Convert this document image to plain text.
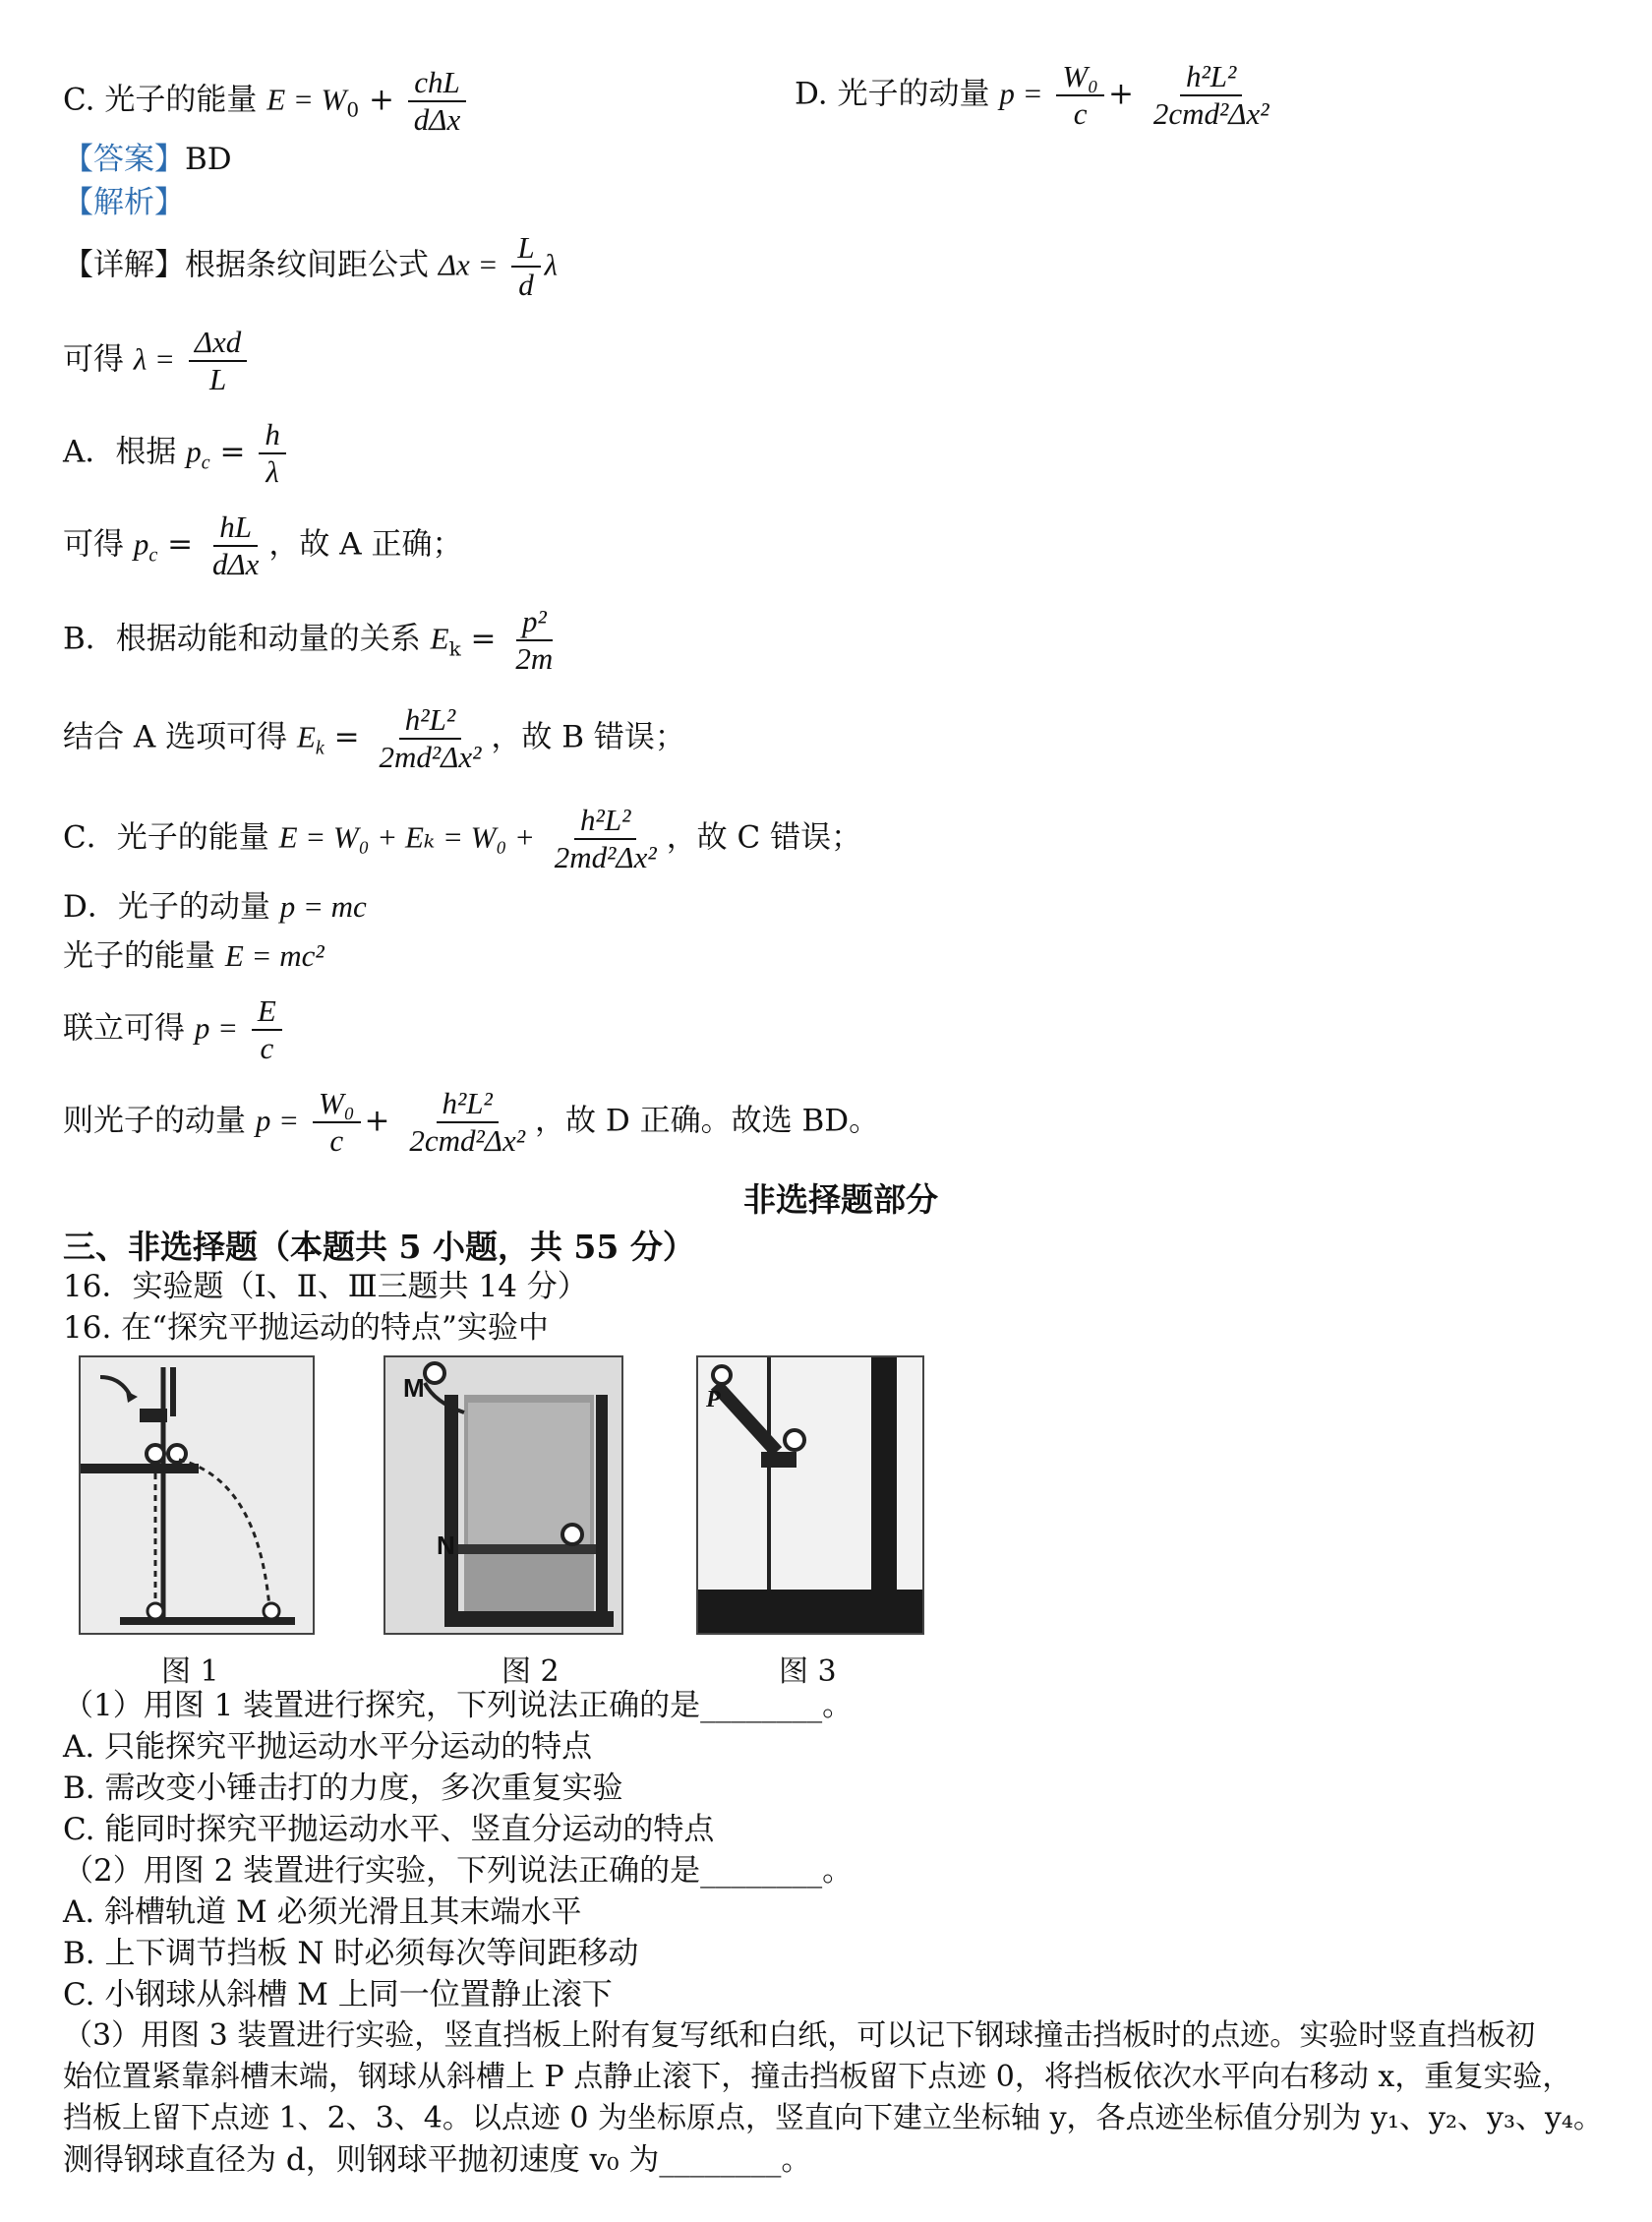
C. 光子的能量 $E = W_0 + \frac{\text{chL}}{\text{dΔx}}$	D. 光子的动量 $p = \frac{\text{W₀}}{c} + \frac{\text{h²L²}}{\text{2cmd²Δx²}}$
【答案】BD
【解析】
【详解】根据条纹间距公式 $\Delta x = \frac{L}{d}$ λ
可得 $\lambda = \frac{\text{Δxd}}{L}$
A．根据 $p_c = \frac{h}{\lambda}$
可得 $p_c = \frac{hL}{\text{dΔx}}$ ，故 A 正确；
B．根据动能和动量的关系 $E_k = \frac{\text{p²}}{2m}$
结合 A 选项可得 $E_k = \frac{\text{h²L²}}{\text{2md²Δx²}}$ ，故 B 错误；
C．光子的能量 $E = W_0 + E_k = W_0 + \frac{\text{h²L²}}{\text{2md²Δx²}}$ ，故 C 错误；
D．光子的动量 p = mc
光子的能量 E = mc²
联立可得 $p = \frac{E}{c}$
则光子的动量 $p = \frac{\text{W₀}}{c} + \frac{\text{h²L²}}{\text{2cmd²Δx²}}$ ，故 D 正确。故选 BD。
非选择题部分
三、非选择题（本题共 5 小题，共 55 分）
16．实验题（Ⅰ、Ⅱ、Ⅲ三题共 14 分）
16. 在“探究平抛运动的特点”实验中
图 1
M
N
图 2
P
图 3
（1）用图 1 装置进行探究，下列说法正确的是________。
A. 只能探究平抛运动水平分运动的特点
B. 需改变小锤击打的力度，多次重复实验
C. 能同时探究平抛运动水平、竖直分运动的特点
（2）用图 2 装置进行实验，下列说法正确的是________。
A. 斜槽轨道 M 必须光滑且其末端水平
B. 上下调节挡板 N 时必须每次等间距移动
C. 小钢球从斜槽 M 上同一位置静止滚下
（3）用图 3 装置进行实验，竖直挡板上附有复写纸和白纸，可以记下钢球撞击挡板时的点迹。实验时竖直挡板初
始位置紧靠斜槽末端，钢球从斜槽上 P 点静止滚下，撞击挡板留下点迹 0，将挡板依次水平向右移动 x，重复实验，
挡板上留下点迹 1、2、3、4。以点迹 0 为坐标原点，竖直向下建立坐标轴 y，各点迹坐标值分别为 y₁、y₂、y₃、y₄。
测得钢球直径为 d，则钢球平抛初速度 v₀ 为________。
